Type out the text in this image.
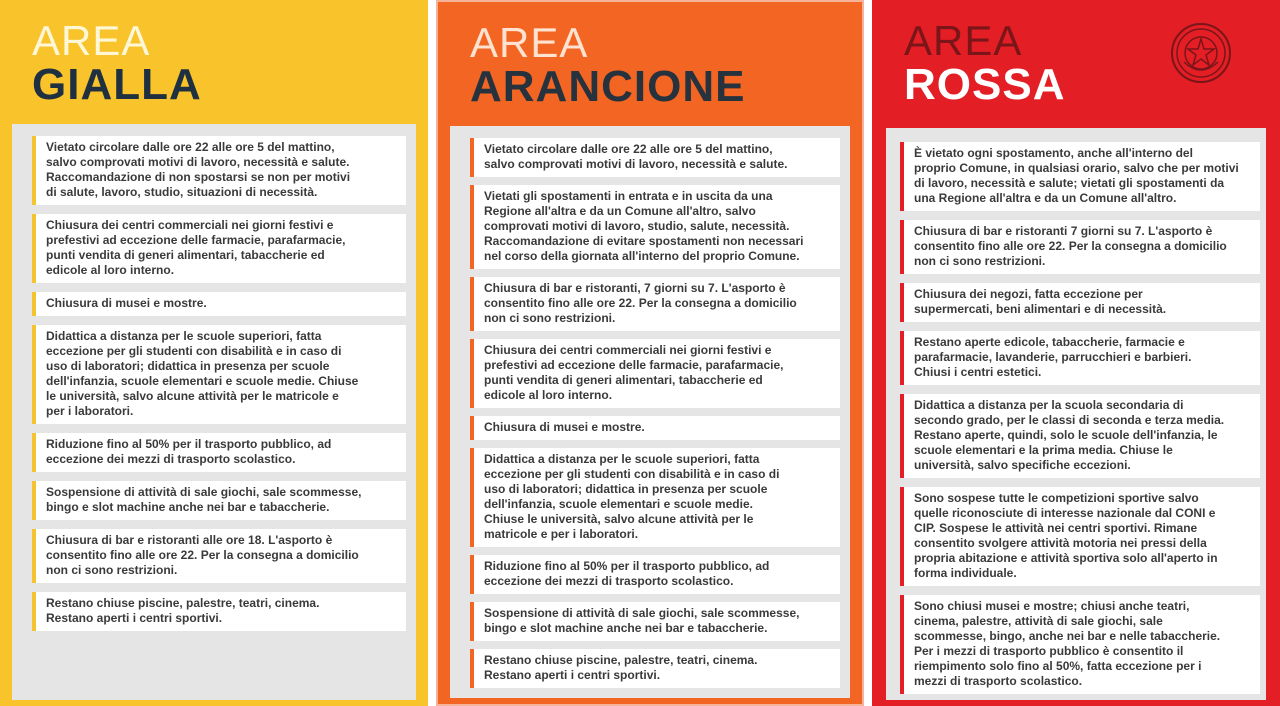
AREA
GIALLA
Vietato circolare dalle ore 22 alle ore 5 del mattino,
salvo comprovati motivi di lavoro, necessità e salute.
Raccomandazione di non spostarsi se non per motivi
di salute, lavoro, studio, situazioni di necessità.
Chiusura dei centri commerciali nei giorni festivi e
prefestivi ad eccezione delle farmacie, parafarmacie,
punti vendita di generi alimentari, tabaccherie ed
edicole al loro interno.
Chiusura di musei e mostre.
Didattica a distanza per le scuole superiori, fatta
eccezione per gli studenti con disabilità e in caso di
uso di laboratori; didattica in presenza per scuole
dell'infanzia, scuole elementari e scuole medie. Chiuse
le università, salvo alcune attività per le matricole e
per i laboratori.
Riduzione fino al 50% per il trasporto pubblico, ad
eccezione dei mezzi di trasporto scolastico.
Sospensione di attività di sale giochi, sale scommesse,
bingo e slot machine anche nei bar e tabaccherie.
Chiusura di bar e ristoranti alle ore 18. L'asporto è
consentito fino alle ore 22. Per la consegna a domicilio
non ci sono restrizioni.
Restano chiuse piscine, palestre, teatri, cinema.
Restano aperti i centri sportivi.
AREA
ARANCIONE
Vietato circolare dalle ore 22 alle ore 5 del mattino,
salvo comprovati motivi di lavoro, necessità e salute.
Vietati gli spostamenti in entrata e in uscita da una
Regione all'altra e da un Comune all'altro, salvo
comprovati motivi di lavoro, studio, salute, necessità.
Raccomandazione di evitare spostamenti non necessari
nel corso della giornata all'interno del proprio Comune.
Chiusura di bar e ristoranti, 7 giorni su 7. L'asporto è
consentito fino alle ore 22. Per la consegna a domicilio
non ci sono restrizioni.
Chiusura dei centri commerciali nei giorni festivi e
prefestivi ad eccezione delle farmacie, parafarmacie,
punti vendita di generi alimentari, tabaccherie ed
edicole al loro interno.
Chiusura di musei e mostre.
Didattica a distanza per le scuole superiori, fatta
eccezione per gli studenti con disabilità e in caso di
uso di laboratori; didattica in presenza per scuole
dell'infanzia, scuole elementari e scuole medie.
Chiuse le università, salvo alcune attività per le
matricole e per i laboratori.
Riduzione fino al 50% per il trasporto pubblico, ad
eccezione dei mezzi di trasporto scolastico.
Sospensione di attività di sale giochi, sale scommesse,
bingo e slot machine anche nei bar e tabaccherie.
Restano chiuse piscine, palestre, teatri, cinema.
Restano aperti i centri sportivi.
AREA
ROSSA
È vietato ogni spostamento, anche all'interno del
proprio Comune, in qualsiasi orario, salvo che per motivi
di lavoro, necessità e salute; vietati gli spostamenti da
una Regione all'altra e da un Comune all'altro.
Chiusura di bar e ristoranti 7 giorni su 7. L'asporto è
consentito fino alle ore 22. Per la consegna a domicilio
non ci sono restrizioni.
Chiusura dei negozi, fatta eccezione per
supermercati, beni alimentari e di necessità.
Restano aperte edicole, tabaccherie, farmacie e
parafarmacie, lavanderie, parrucchieri e barbieri.
Chiusi i centri estetici.
Didattica a distanza per la scuola secondaria di
secondo grado, per le classi di seconda e terza media.
Restano aperte, quindi, solo le scuole dell'infanzia, le
scuole elementari e la prima media. Chiuse le
università, salvo specifiche eccezioni.
Sono sospese tutte le competizioni sportive salvo
quelle riconosciute di interesse nazionale dal CONI e
CIP. Sospese le attività nei centri sportivi. Rimane
consentito svolgere attività motoria nei pressi della
propria abitazione e attività sportiva solo all'aperto in
forma individuale.
Sono chiusi musei e mostre; chiusi anche teatri,
cinema, palestre, attività di sale giochi, sale
scommesse, bingo, anche nei bar e nelle tabaccherie.
Per i mezzi di trasporto pubblico è consentito il
riempimento solo fino al 50%, fatta eccezione per i
mezzi di trasporto scolastico.
